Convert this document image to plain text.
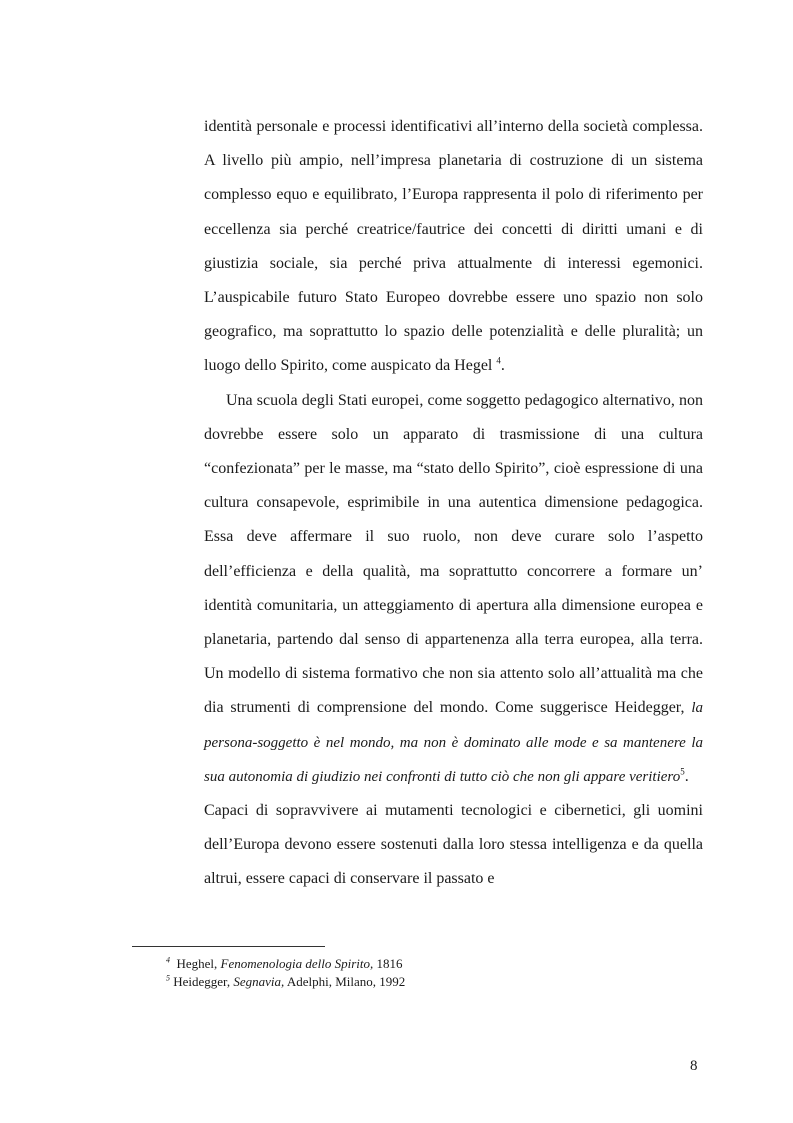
identità personale e processi identificativi all’interno della società complessa. A livello più ampio, nell’impresa planetaria di costruzione di un sistema complesso equo e equilibrato, l’Europa rappresenta il polo di riferimento per eccellenza sia perché creatrice/fautrice dei concetti di diritti umani e di giustizia sociale, sia perché priva attualmente di interessi egemonici. L’auspicabile futuro Stato Europeo dovrebbe essere uno spazio non solo geografico, ma soprattutto lo spazio delle potenzialità e delle pluralità; un luogo dello Spirito, come auspicato da Hegel $^4$.

Una scuola degli Stati europei, come soggetto pedagogico alternativo, non dovrebbe essere solo un apparato di trasmissione di una cultura “confezionata” per le masse, ma “stato dello Spirito”, cioè espressione di una cultura consapevole, esprimibile in una autentica dimensione pedagogica. Essa deve affermare il suo ruolo, non deve curare solo l’aspetto dell’efficienza e della qualità, ma soprattutto concorrere a formare un’ identità comunitaria, un atteggiamento di apertura alla dimensione europea e planetaria, partendo dal senso di appartenenza alla terra europea, alla terra. Un modello di sistema formativo che non sia attento solo all’attualità ma che dia strumenti di comprensione del mondo. Come suggerisce Heidegger, la persona-soggetto è nel mondo, ma non è dominato alle mode e sa mantenere la sua autonomia di giudizio nei confronti di tutto ciò che non gli appare veritiero$^5$.

Capaci di sopravvivere ai mutamenti tecnologici e cibernetici, gli uomini dell’Europa devono essere sostenuti dalla loro stessa intelligenza e da quella altrui, essere capaci di conservare il passato e

$^4$ Heghel, Fenomenologia dello Spirito, 1816
$^5$ Heidegger, Segnavia, Adelphi, Milano, 1992
8
